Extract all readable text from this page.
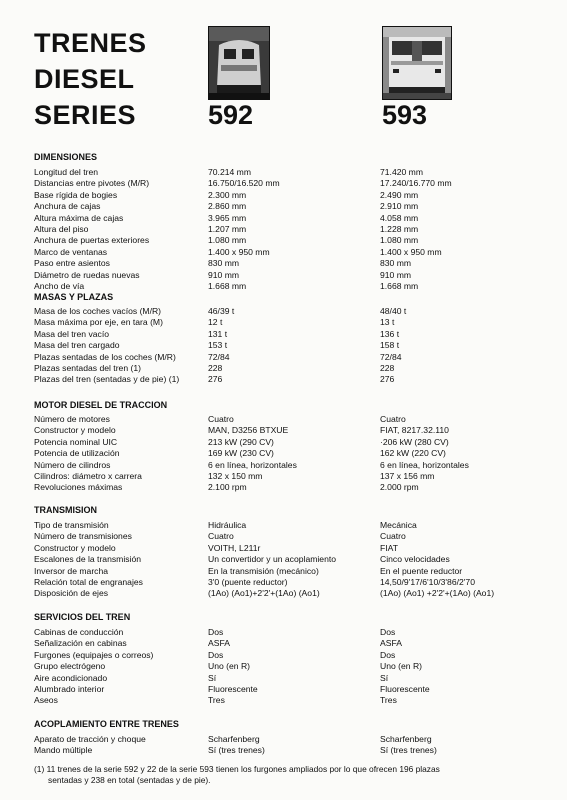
TRENES
DIESEL
SERIES	592	593
DIMENSIONES
MASAS Y PLAZAS
MOTOR DIESEL DE TRACCION
TRANSMISION
SERVICIOS DEL TREN
ACOPLAMIENTO ENTRE TRENES
(1) 11 trenes de la serie 592 y 22 de la serie 593 tienen los furgones ampliados por lo que ofrecen 196 plazas
sentadas y 238 en total (sentadas y de pie).
Longitud del tren	70.214 mm	71.420 mm
Distancias entre pivotes (M/R)	16.750/16.520 mm	17.240/16.770 mm
Base rígida de bogies	2.300 mm	2.490 mm
Anchura de cajas	2.860 mm	2.910 mm
Altura máxima de cajas	3.965 mm	4.058 mm
Altura del piso	1.207 mm	1.228 mm
Anchura de puertas exteriores	1.080 mm	1.080 mm
Marco de ventanas	1.400 x 950 mm	1.400 x 950 mm
Paso entre asientos	830 mm	830 mm
Diámetro de ruedas nuevas	910 mm	910 mm
Ancho de vía	1.668 mm	1.668 mm
Masa de los coches vacíos (M/R)	46/39 t	48/40 t
Masa máxima por eje, en tara (M)	12 t	13 t
Masa del tren vacío	131 t	136 t
Masa del tren cargado	153 t	158 t
Plazas sentadas de los coches (M/R)	72/84	72/84
Plazas sentadas del tren (1)	228	228
Plazas del tren (sentadas y de pie) (1)	276	276
Número de motores	Cuatro	Cuatro
Constructor y modelo	MAN, D3256 BTXUE	FIAT, 8217.32.110
Potencia nominal UIC	213 kW (290 CV)	·206 kW (280 CV)
Potencia de utilización	169 kW (230 CV)	162 kW (220 CV)
Número de cilindros	6 en línea, horizontales	6 en línea, horizontales
Cilindros: diámetro x carrera	132 x 150 mm	137 x 156 mm
Revoluciones máximas	2.100 rpm	2.000 rpm
Tipo de transmisión	Hidráulica	Mecánica
Número de transmisiones	Cuatro	Cuatro
Constructor y modelo	VOITH, L211r	FIAT
Escalones de la transmisión	Un convertidor y un acoplamiento	Cinco velocidades
Inversor de marcha	En la transmisión (mecánico)	En el puente reductor
Relación total de engranajes	3'0 (puente reductor)	14,50/9'17/6'10/3'86/2'70
Disposición de ejes	(1Ao) (Ao1)+2'2'+(1Ao) (Ao1)	(1Ao) (Ao1) +2'2'+(1Ao) (Ao1)
Cabinas de conducción	Dos	Dos
Señalización en cabinas	ASFA	ASFA
Furgones (equipajes o correos)	Dos	Dos
Grupo electrógeno	Uno (en R)	Uno (en R)
Aire acondicionado	Sí	Sí
Alumbrado interior	Fluorescente	Fluorescente
Aseos	Tres	Tres
Aparato de tracción y choque	Scharfenberg	Scharfenberg
Mando múltiple	Sí (tres trenes)	Sí (tres trenes)
